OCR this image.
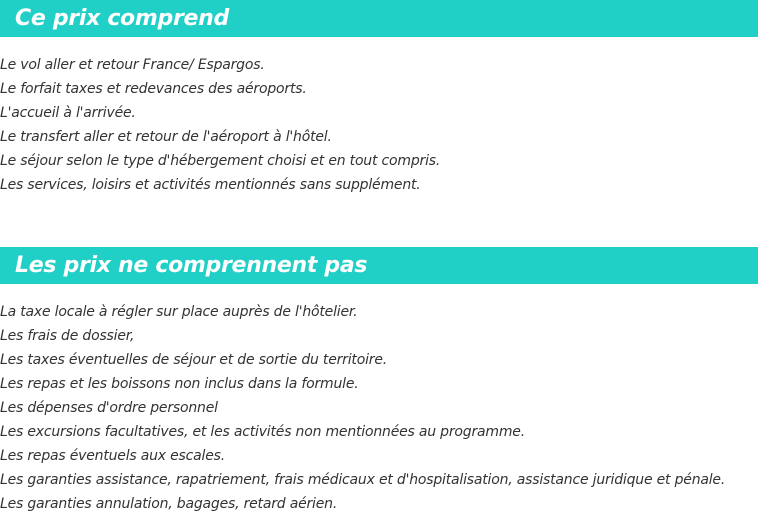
Ce prix comprend
Le vol aller et retour France/ Espargos.
Le forfait taxes et redevances des aéroports.
L'accueil à l'arrivée.
Le transfert aller et retour de l'aéroport à l'hôtel.
Le séjour selon le type d'hébergement choisi et en tout compris.
Les services, loisirs et activités mentionnés sans supplément.
Les prix ne comprennent pas
La taxe locale à régler sur place auprès de l'hôtelier.
Les frais de dossier,
Les taxes éventuelles de séjour et de sortie du territoire.
Les repas et les boissons non inclus dans la formule.
Les dépenses d'ordre personnel
Les excursions facultatives, et les activités non mentionnées au programme.
Les repas éventuels aux escales.
Les garanties assistance, rapatriement, frais médicaux et d'hospitalisation, assistance juridique et pénale.
Les garanties annulation, bagages, retard aérien.
